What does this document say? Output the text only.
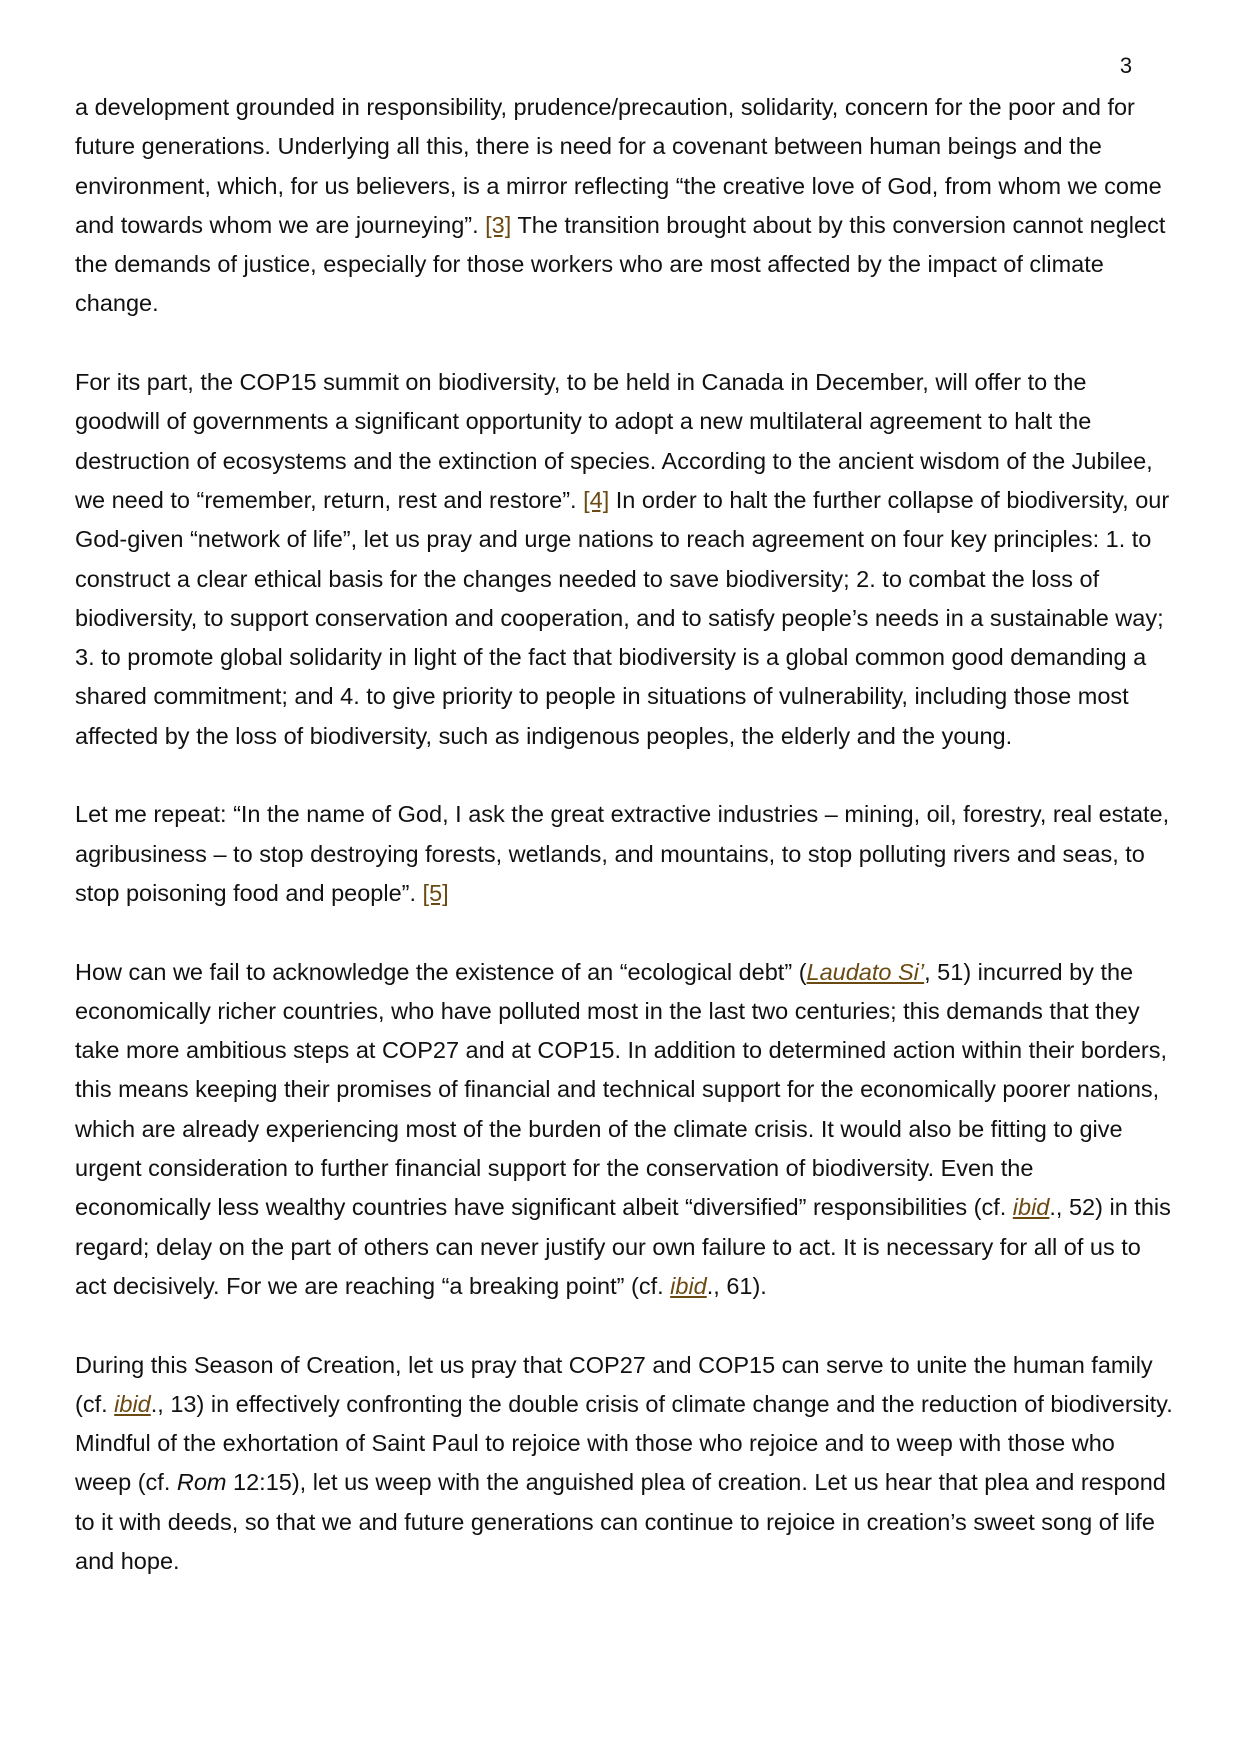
3

a development grounded in responsibility, prudence/precaution, solidarity, concern for the poor and for future generations. Underlying all this, there is need for a covenant between human beings and the environment, which, for us believers, is a mirror reflecting “the creative love of God, from whom we come and towards whom we are journeying”. [3] The transition brought about by this conversion cannot neglect the demands of justice, especially for those workers who are most affected by the impact of climate change.

For its part, the COP15 summit on biodiversity, to be held in Canada in December, will offer to the goodwill of governments a significant opportunity to adopt a new multilateral agreement to halt the destruction of ecosystems and the extinction of species. According to the ancient wisdom of the Jubilee, we need to “remember, return, rest and restore”. [4] In order to halt the further collapse of biodiversity, our God-given “network of life”, let us pray and urge nations to reach agreement on four key principles: 1. to construct a clear ethical basis for the changes needed to save biodiversity; 2. to combat the loss of biodiversity, to support conservation and cooperation, and to satisfy people’s needs in a sustainable way; 3. to promote global solidarity in light of the fact that biodiversity is a global common good demanding a shared commitment; and 4. to give priority to people in situations of vulnerability, including those most affected by the loss of biodiversity, such as indigenous peoples, the elderly and the young.

Let me repeat: “In the name of God, I ask the great extractive industries – mining, oil, forestry, real estate, agribusiness – to stop destroying forests, wetlands, and mountains, to stop polluting rivers and seas, to stop poisoning food and people”. [5]

How can we fail to acknowledge the existence of an “ecological debt” (Laudato Si’, 51) incurred by the economically richer countries, who have polluted most in the last two centuries; this demands that they take more ambitious steps at COP27 and at COP15. In addition to determined action within their borders, this means keeping their promises of financial and technical support for the economically poorer nations, which are already experiencing most of the burden of the climate crisis. It would also be fitting to give urgent consideration to further financial support for the conservation of biodiversity. Even the economically less wealthy countries have significant albeit “diversified” responsibilities (cf. ibid., 52) in this regard; delay on the part of others can never justify our own failure to act. It is necessary for all of us to act decisively. For we are reaching “a breaking point” (cf. ibid., 61).

During this Season of Creation, let us pray that COP27 and COP15 can serve to unite the human family (cf. ibid., 13) in effectively confronting the double crisis of climate change and the reduction of biodiversity. Mindful of the exhortation of Saint Paul to rejoice with those who rejoice and to weep with those who weep (cf. Rom 12:15), let us weep with the anguished plea of creation. Let us hear that plea and respond to it with deeds, so that we and future generations can continue to rejoice in creation’s sweet song of life and hope.
